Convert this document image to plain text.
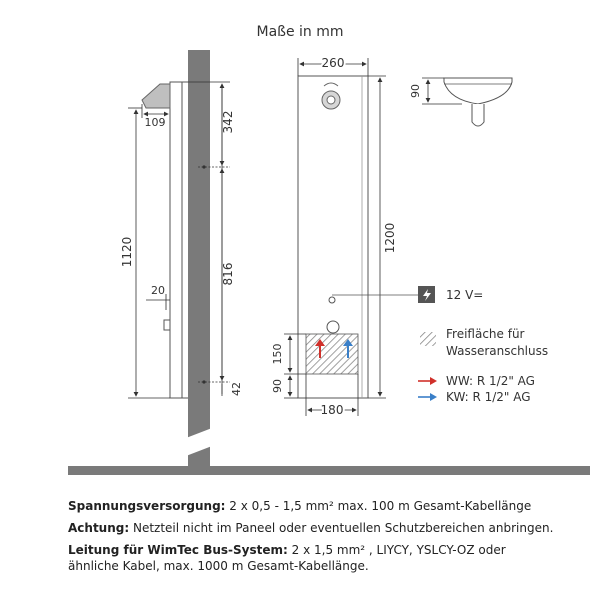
Maße in mm
1120
109
20
342
816
42
260
1200
150
90
180
90
12 V=
Freifläche für
Wasseranschluss
WW: R 1/2" AG
KW: R 1/2" AG

Spannungsversorgung: 2 x 0,5 - 1,5 mm² max. 100 m Gesamt-Kabellänge

Achtung: Netzteil nicht im Paneel oder eventuellen Schutzbereichen anbringen.

Leitung für WimTec Bus-System: 2 x 1,5 mm² , LIYCY, YSLCY-OZ oder

ähnliche Kabel, max. 1000 m Gesamt-Kabellänge.
